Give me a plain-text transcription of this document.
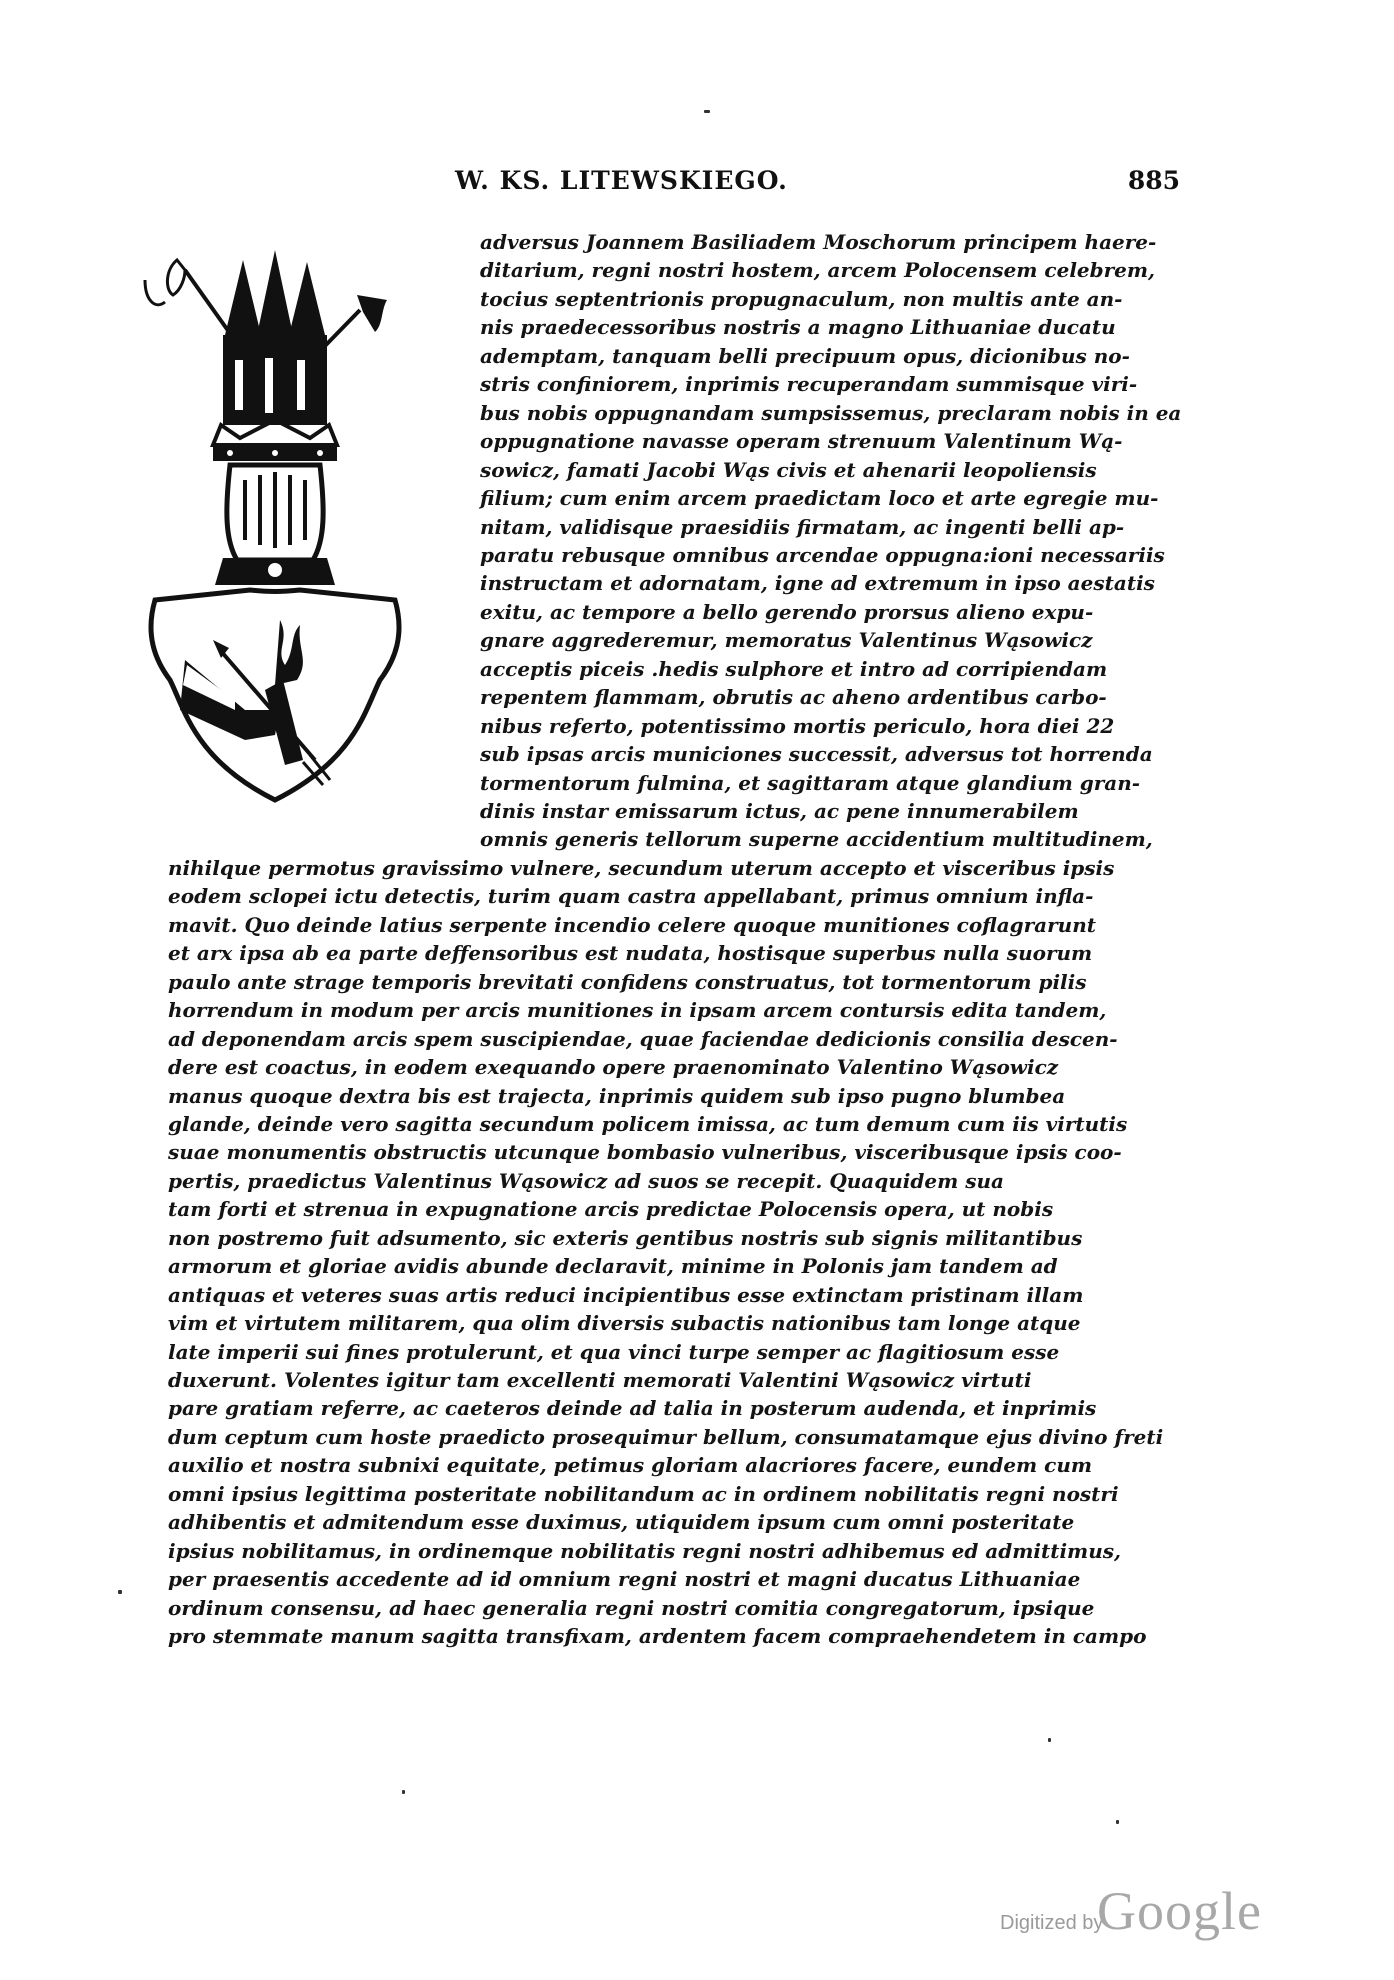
W. KS. LITEWSKIEGO.	885
adversus Joannem Basiliadem Moschorum principem haere-
ditarium, regni nostri hostem, arcem Polocensem celebrem,
tocius septentrionis propugnaculum, non multis ante an-
nis praedecessoribus nostris a magno Lithuaniae ducatu
ademptam, tanquam belli precipuum opus, dicionibus no-
stris confiniorem, inprimis recuperandam summisque viri-
bus nobis oppugnandam sumpsissemus, preclaram nobis in ea
oppugnatione navasse operam strenuum Valentinum Wą-
sowicz, famati Jacobi Wąs civis et ahenarii leopoliensis
filium; cum enim arcem praedictam loco et arte egregie mu-
nitam, validisque praesidiis firmatam, ac ingenti belli ap-
paratu rebusque omnibus arcendae oppugna:ioni necessariis
instructam et adornatam, igne ad extremum in ipso aestatis
exitu, ac tempore a bello gerendo prorsus alieno expu-
gnare aggrederemur, memoratus Valentinus Wąsowicz
acceptis piceis .hedis sulphore et intro ad corripiendam
repentem flammam, obrutis ac aheno ardentibus carbo-
nibus referto, potentissimo mortis periculo, hora diei 22
sub ipsas arcis municiones successit, adversus tot horrenda
tormentorum fulmina, et sagittaram atque glandium gran-
dinis instar emissarum ictus, ac pene innumerabilem
omnis generis tellorum superne accidentium multitudinem,
nihilque permotus gravissimo vulnere, secundum uterum accepto et visceribus ipsis
eodem sclopei ictu detectis, turim quam castra appellabant, primus omnium infla-
mavit. Quo deinde latius serpente incendio celere quoque munitiones coflagrarunt
et arx ipsa ab ea parte deffensoribus est nudata, hostisque superbus nulla suorum
paulo ante strage temporis brevitati confidens construatus, tot tormentorum pilis
horrendum in modum per arcis munitiones in ipsam arcem contursis edita tandem,
ad deponendam arcis spem suscipiendae, quae faciendae dedicionis consilia descen-
dere est coactus, in eodem exequando opere praenominato Valentino Wąsowicz
manus quoque dextra bis est trajecta, inprimis quidem sub ipso pugno blumbea
glande, deinde vero sagitta secundum policem imissa, ac tum demum cum iis virtutis
suae monumentis obstructis utcunque bombasio vulneribus, visceribusque ipsis coo-
pertis, praedictus Valentinus Wąsowicz ad suos se recepit. Quaquidem sua
tam forti et strenua in expugnatione arcis predictae Polocensis opera, ut nobis
non postremo fuit adsumento, sic exteris gentibus nostris sub signis militantibus
armorum et gloriae avidis abunde declaravit, minime in Polonis jam tandem ad
antiquas et veteres suas artis reduci incipientibus esse extinctam pristinam illam
vim et virtutem militarem, qua olim diversis subactis nationibus tam longe atque
late imperii sui fines protulerunt, et qua vinci turpe semper ac flagitiosum esse
duxerunt. Volentes igitur tam excellenti memorati Valentini Wąsowicz virtuti
pare gratiam referre, ac caeteros deinde ad talia in posterum audenda, et inprimis
dum ceptum cum hoste praedicto prosequimur bellum, consumatamque ejus divino freti
auxilio et nostra subnixi equitate, petimus gloriam alacriores facere, eundem cum
omni ipsius legittima posteritate nobilitandum ac in ordinem nobilitatis regni nostri
adhibentis et admitendum esse duximus, utiquidem ipsum cum omni posteritate
ipsius nobilitamus, in ordinemque nobilitatis regni nostri adhibemus ed admittimus,
per praesentis accedente ad id omnium regni nostri et magni ducatus Lithuaniae
ordinum consensu, ad haec generalia regni nostri comitia congregatorum, ipsique
pro stemmate manum sagitta transfixam, ardentem facem compraehendetem in campo
Digitized by
Google
